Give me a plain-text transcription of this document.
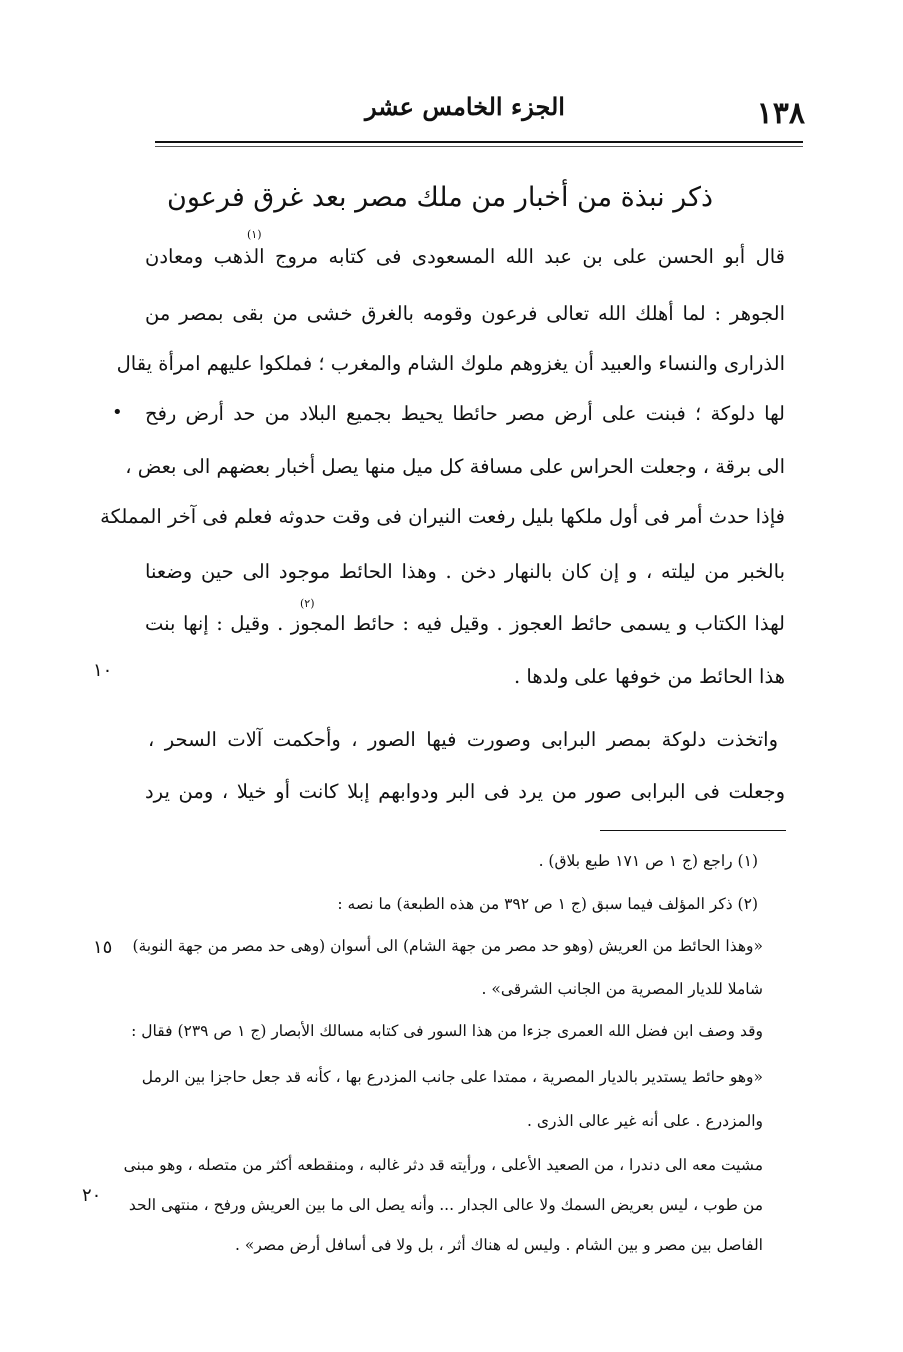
١٣٨
الجزء الخامس عشر
ذكر نبذة من أخبار من ملك مصر بعد غرق فرعون
قال أبو الحسن على بن عبد الله المسعودى فى كتابه مروج الذهب ومعادن
الجوهر : لما أهلك الله تعالى فرعون وقومه بالغرق خشى من بقى بمصر من
الذرارى والنساء والعبيد أن يغزوهم ملوك الشام والمغرب ؛ فملكوا عليهم امرأة يقال
لها دلوكة ؛ فبنت على أرض مصر حائطا يحيط بجميع البلاد من حد أرض رفح
الى برقة ، وجعلت الحراس على مسافة كل ميل منها يصل أخبار بعضهم الى بعض ،
فإذا حدث أمر فى أول ملكها بليل رفعت النيران فى وقت حدوثه فعلم فى آخر المملكة
بالخبر من ليلته ، و إن كان بالنهار دخن . وهذا الحائط موجود الى حين وضعنا
لهذا الكتاب و يسمى حائط العجوز . وقيل فيه : حائط المجوز . وقيل : إنها بنت
هذا الحائط من خوفها على ولدها .
(١)
(٢)
واتخذت دلوكة بمصر البرابى وصورت فيها الصور ، وأحكمت آلات السحر ،
وجعلت فى البرابى صور من يرد فى البر ودوابهم إبلا كانت أو خيلا ، ومن يرد
•
١٠
١٥
٢٠
(١) راجع (ج ١ ص ١٧١ طبع بلاق) .
(٢) ذكر المؤلف فيما سبق (ج ١ ص ٣٩٢ من هذه الطبعة) ما نصه :
«وهذا الحائط من العريش (وهو حد مصر من جهة الشام) الى أسوان (وهى حد مصر من جهة النوبة)
شاملا للديار المصرية من الجانب الشرقى» .
وقد وصف ابن فضل الله العمرى جزءا من هذا السور فى كتابه مسالك الأبصار (ج ١ ص ٢٣٩) فقال :
«وهو حائط يستدير بالديار المصرية ، ممتدا على جانب المزدرع بها ، كأنه قد جعل حاجزا بين الرمل
والمزدرع . على أنه غير عالى الذرى .
مشيت معه الى دندرا ، من الصعيد الأعلى ، ورأيته قد دثر غالبه ، ومنقطعه أكثر من متصله ، وهو مبنى
من طوب ، ليس بعريض السمك ولا عالى الجدار ... وأنه يصل الى ما بين العريش ورفح ، منتهى الحد
الفاصل بين مصر و بين الشام . وليس له هناك أثر ، بل ولا فى أسافل أرض مصر» .
